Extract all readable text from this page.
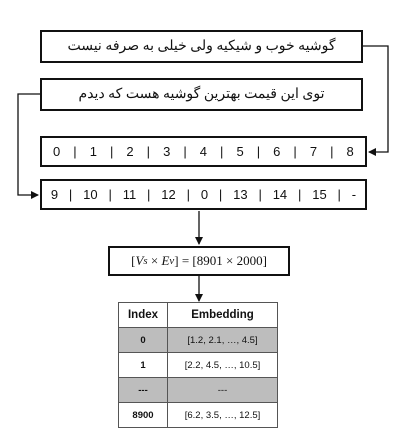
گوشیه خوب و شیکیه ولی خیلی به صرفه نیست
توی این قیمت بهترین گوشیه هست که دیدم
0 | 1 | 2 | 3 | 4 | 5 | 6 | 7 | 8
9 | 10 | 11 | 12 | 0 | 13 | 14 | 15 | -
[ V s × E v ] = [8901 × 2000]
Index	Embedding
0	[1.2, 2.1, …, 4.5]
1	[2.2, 4.5, …, 10.5]
---	---
8900	[6.2, 3.5, …, 12.5]
